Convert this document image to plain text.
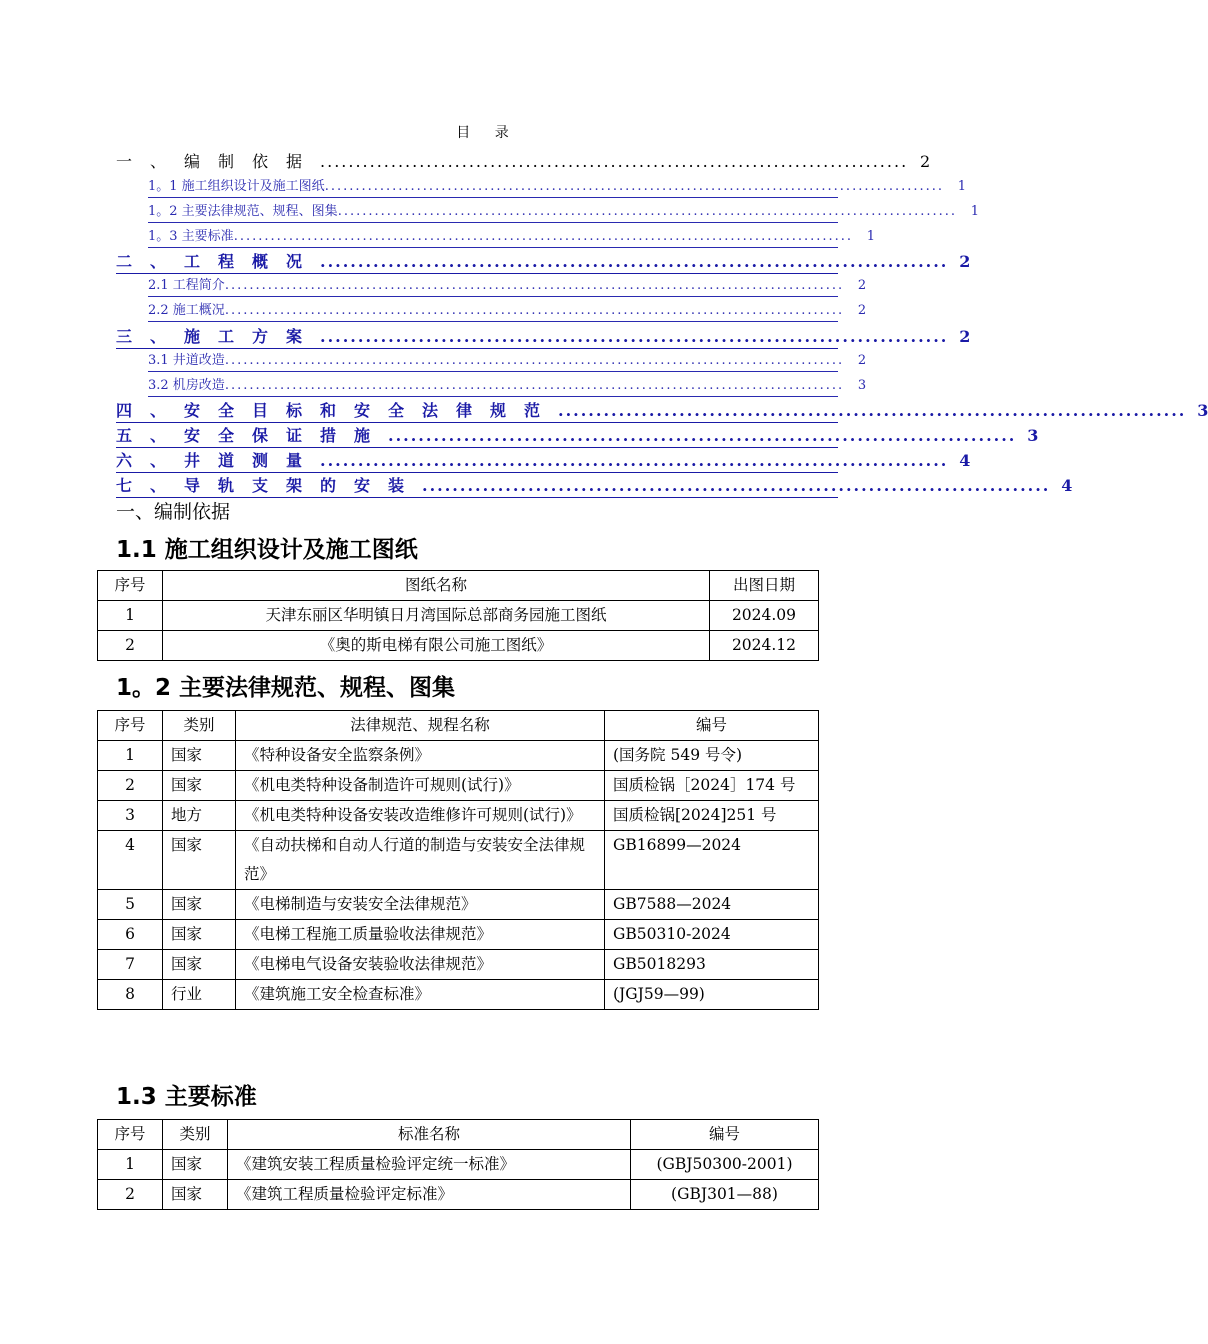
目 录
一、编制依据 ................................................................................... 2
1。1 施工组织设计及施工图纸 .....................................................................................................	1
1。2 主要法律规范、规程、图集 .....................................................................................................	1
1。3 主要标准 .....................................................................................................	1
二、工程概况 ................................................................................... 2
2.1 工程简介 .....................................................................................................	2
2.2 施工概况 .....................................................................................................	2
三、施工方案 ................................................................................... 2
3.1 井道改造 .....................................................................................................	2
3.2 机房改造 .....................................................................................................	3
四、安全目标和安全法律规范 ................................................................................... 3
五、安全保证措施 ................................................................................... 3
六、井道测量 ................................................................................... 4
七、导轨支架的安装 ................................................................................... 4
一、编制依据
1.1 施工组织设计及施工图纸
序号	图纸名称	出图日期
1	天津东丽区华明镇日月湾国际总部商务园施工图纸	2024.09
2	《奥的斯电梯有限公司施工图纸》	2024.12
1。2 主要法律规范、规程、图集
序号	类别	法律规范、规程名称	编号
1	国家	《特种设备安全监察条例》	(国务院 549 号令)
2	国家	《机电类特种设备制造许可规则(试行)》	国质检锅［2024］174 号
3	地方	《机电类特种设备安装改造维修许可规则(试行)》	国质检锅[2024]251 号
4	国家	《自动扶梯和自动人行道的制造与安装安全法律规范》	GB16899—2024
5	国家	《电梯制造与安装安全法律规范》	GB7588—2024
6	国家	《电梯工程施工质量验收法律规范》	GB50310-2024
7	国家	《电梯电气设备安装验收法律规范》	GB5018293
8	行业	《建筑施工安全检查标准》	(JGJ59—99)
1.3 主要标准
序号	类别	标准名称	编号
1	国家	《建筑安装工程质量检验评定统一标准》	(GBJ50300-2001)
2	国家	《建筑工程质量检验评定标准》	(GBJ301—88)
